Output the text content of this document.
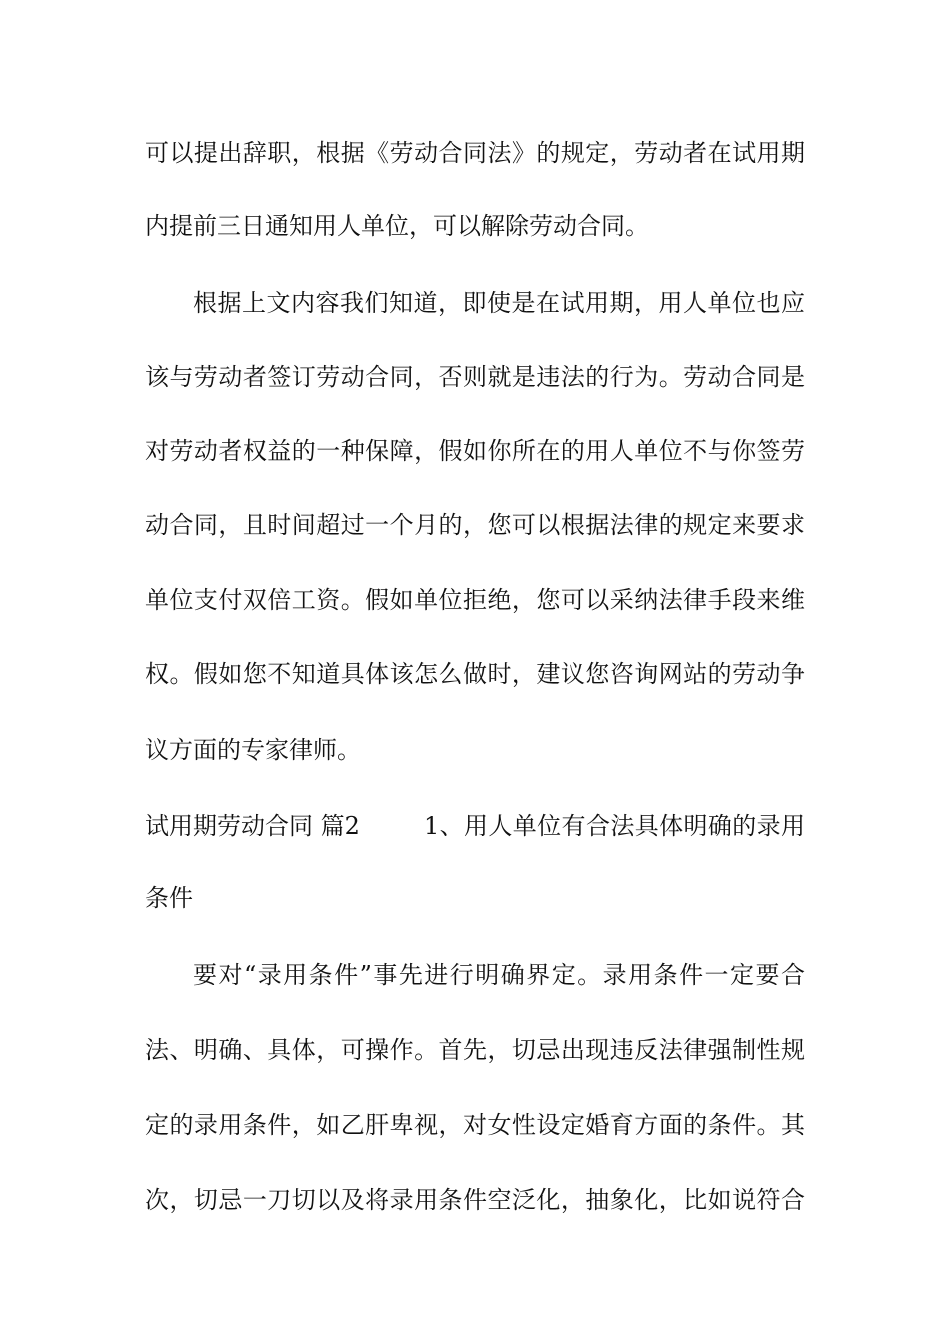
可以提出辞职，根据《劳动合同法》的规定，劳动者在试用期
内提前三日通知用人单位，可以解除劳动合同。
根据上文内容我们知道，即使是在试用期，用人单位也应
该与劳动者签订劳动合同，否则就是违法的行为。劳动合同是
对劳动者权益的一种保障，假如你所在的用人单位不与你签劳
动合同，且时间超过一个月的，您可以根据法律的规定来要求
单位支付双倍工资。假如单位拒绝，您可以采纳法律手段来维
权。假如您不知道具体该怎么做时，建议您咨询网站的劳动争
议方面的专家律师。
试用期劳动合同 篇2	1、用人单位有合法具体明确的录用
条件
要对“录用条件”事先进行明确界定。录用条件一定要合
法、明确、具体，可操作。首先，切忌出现违反法律强制性规
定的录用条件，如乙肝卑视，对女性设定婚育方面的条件。其
次，切忌一刀切以及将录用条件空泛化，抽象化，比如说符合
